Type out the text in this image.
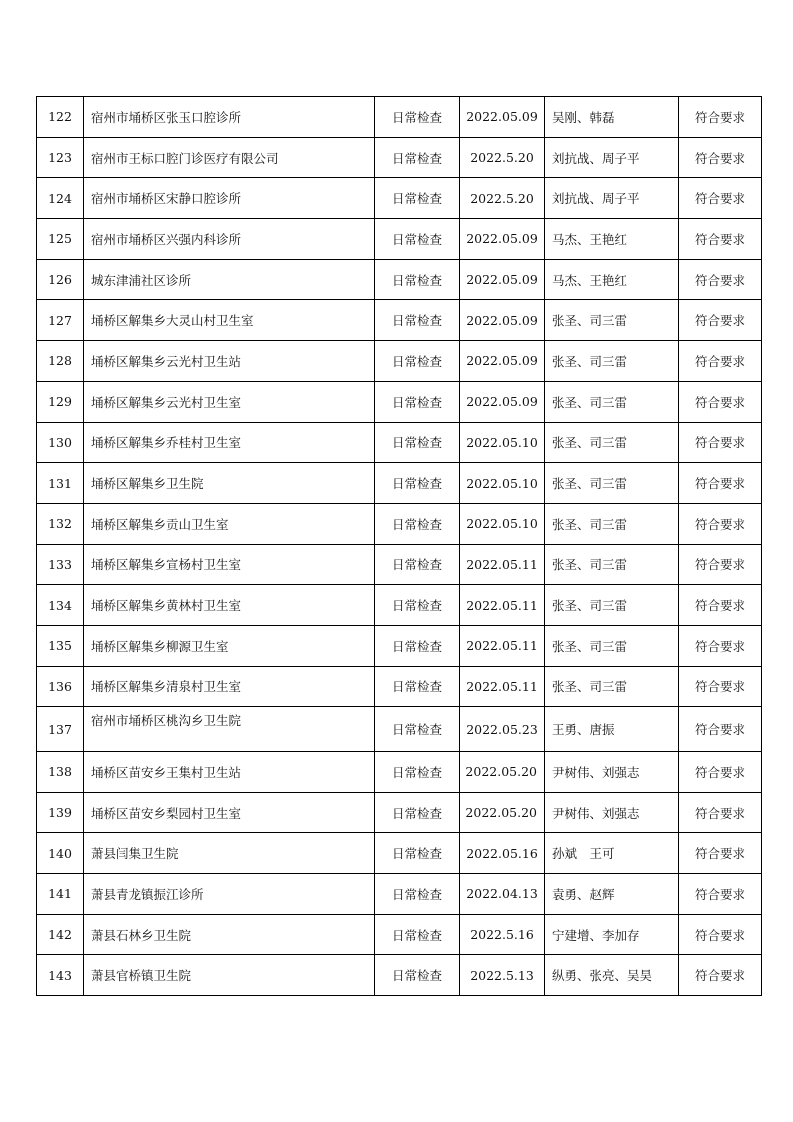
122	宿州市埇桥区张玉口腔诊所	日常检查	2022.05.09	吴刚、韩磊	符合要求
123	宿州市王标口腔门诊医疗有限公司	日常检查	2022.5.20	刘抗战、周子平	符合要求
124	宿州市埇桥区宋静口腔诊所	日常检查	2022.5.20	刘抗战、周子平	符合要求
125	宿州市埇桥区兴强内科诊所	日常检查	2022.05.09	马杰、王艳红	符合要求
126	城东津浦社区诊所	日常检查	2022.05.09	马杰、王艳红	符合要求
127	埇桥区解集乡大灵山村卫生室	日常检查	2022.05.09	张圣、司三雷	符合要求
128	埇桥区解集乡云光村卫生站	日常检查	2022.05.09	张圣、司三雷	符合要求
129	埇桥区解集乡云光村卫生室	日常检查	2022.05.09	张圣、司三雷	符合要求
130	埇桥区解集乡乔桂村卫生室	日常检查	2022.05.10	张圣、司三雷	符合要求
131	埇桥区解集乡卫生院	日常检查	2022.05.10	张圣、司三雷	符合要求
132	埇桥区解集乡贡山卫生室	日常检查	2022.05.10	张圣、司三雷	符合要求
133	埇桥区解集乡宣杨村卫生室	日常检查	2022.05.11	张圣、司三雷	符合要求
134	埇桥区解集乡黄林村卫生室	日常检查	2022.05.11	张圣、司三雷	符合要求
135	埇桥区解集乡柳源卫生室	日常检查	2022.05.11	张圣、司三雷	符合要求
136	埇桥区解集乡清泉村卫生室	日常检查	2022.05.11	张圣、司三雷	符合要求
137	宿州市埇桥区桃沟乡卫生院	日常检查	2022.05.23	王勇、唐振	符合要求
138	埇桥区苗安乡王集村卫生站	日常检查	2022.05.20	尹树伟、刘强志	符合要求
139	埇桥区苗安乡梨园村卫生室	日常检查	2022.05.20	尹树伟、刘强志	符合要求
140	萧县闫集卫生院	日常检查	2022.05.16	孙斌　王可	符合要求
141	萧县青龙镇振江诊所	日常检查	2022.04.13	袁勇、赵辉	符合要求
142	萧县石林乡卫生院	日常检查	2022.5.16	宁建增、李加存	符合要求
143	萧县官桥镇卫生院	日常检查	2022.5.13	纵勇、张亮、吴昊	符合要求
